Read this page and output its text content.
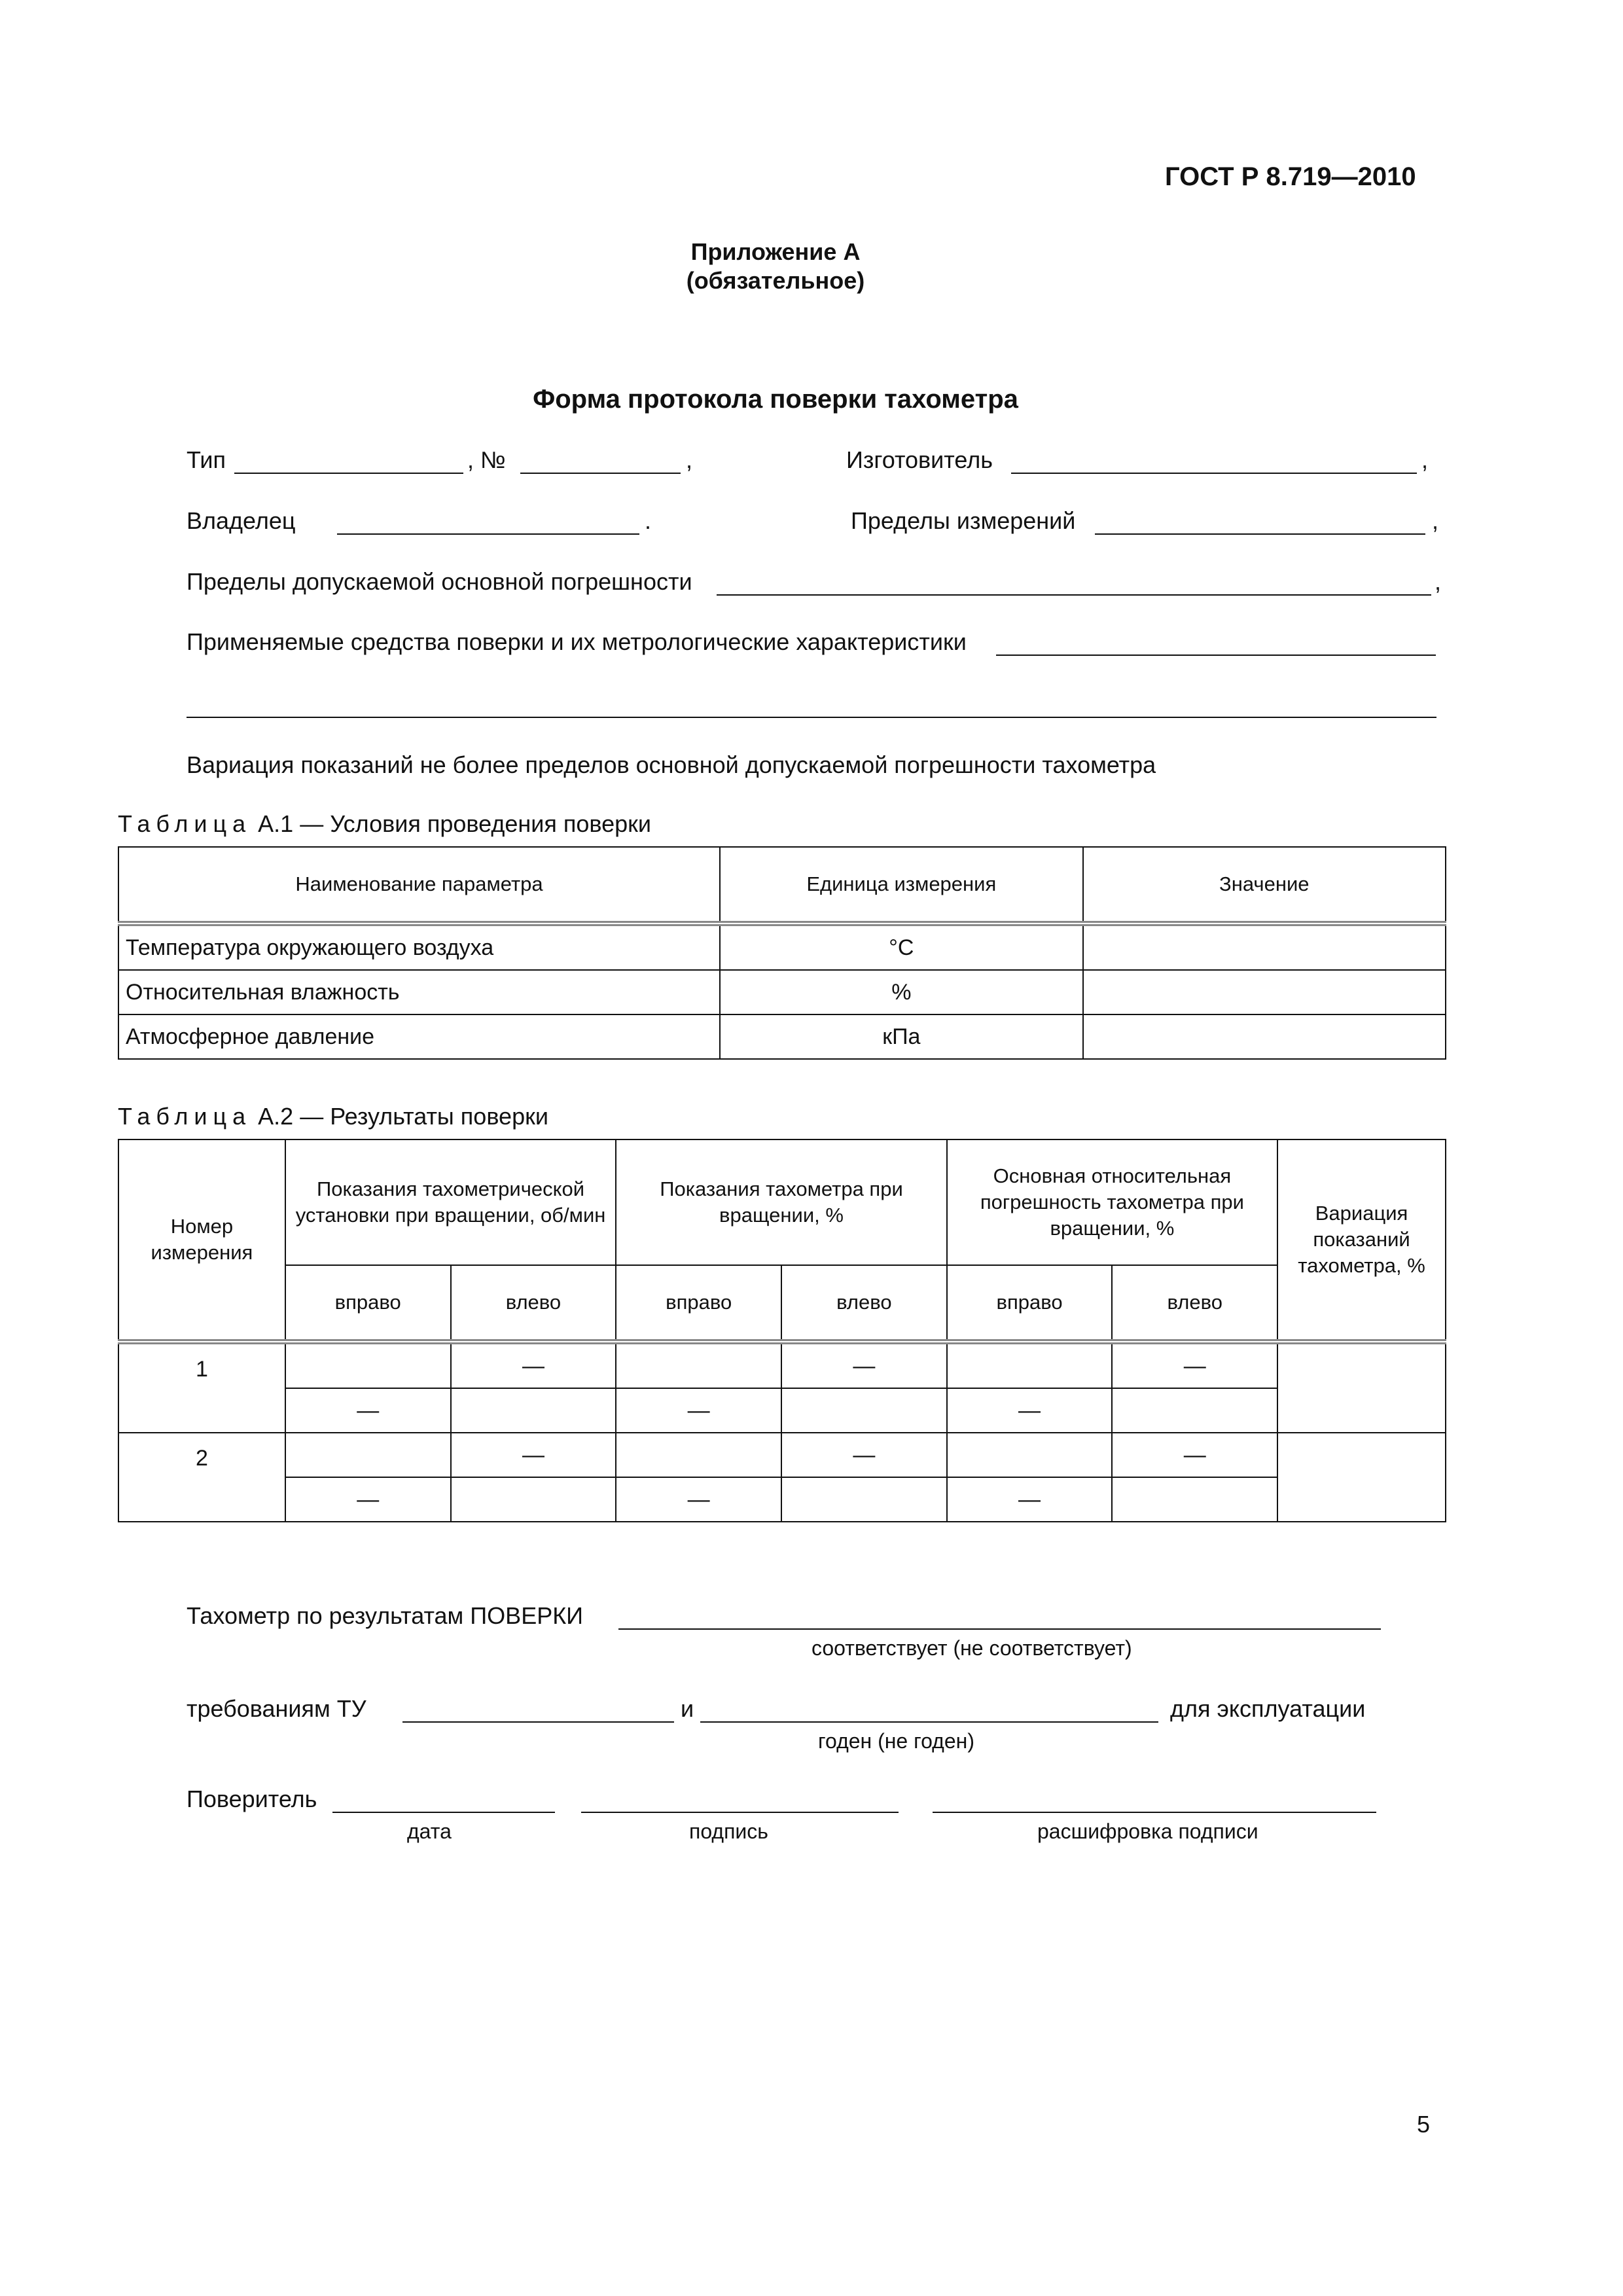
ГОСТ Р 8.719—2010
Приложение А
(обязательное)
Форма протокола поверки тахометра
Тип	, №	,	Изготовитель	,
Владелец	.	Пределы измерений	,
Пределы допускаемой основной погрешности	,
Применяемые средства поверки и их метрологические характеристики
Вариация показаний не более пределов основной допускаемой погрешности тахометра
Таблица А.1 — Условия проведения поверки
Наименование параметра	Единица измерения	Значение
Температура окружающего воздуха	°С	
Относительная влажность	%	
Атмосферное давление	кПа	
Таблица А.2 — Результаты поверки
Номер измерения	Показания тахометрической установки при вращении, об/мин		Показания тахометра при вращении, %		Основная относительная погрешность тахометра при вращении, %		Вариация показаний тахометра, %
	вправо	влево	вправо	влево	вправо	влево	
1		—		—		—	
	—		—		—		
2		—		—		—	
	—		—		—		
Тахометр по результатам ПОВЕРКИ
соответствует (не соответствует)
требованиям ТУ	и	для эксплуатации
годен (не годен)
Поверитель
дата	подпись	расшифровка подписи
5
